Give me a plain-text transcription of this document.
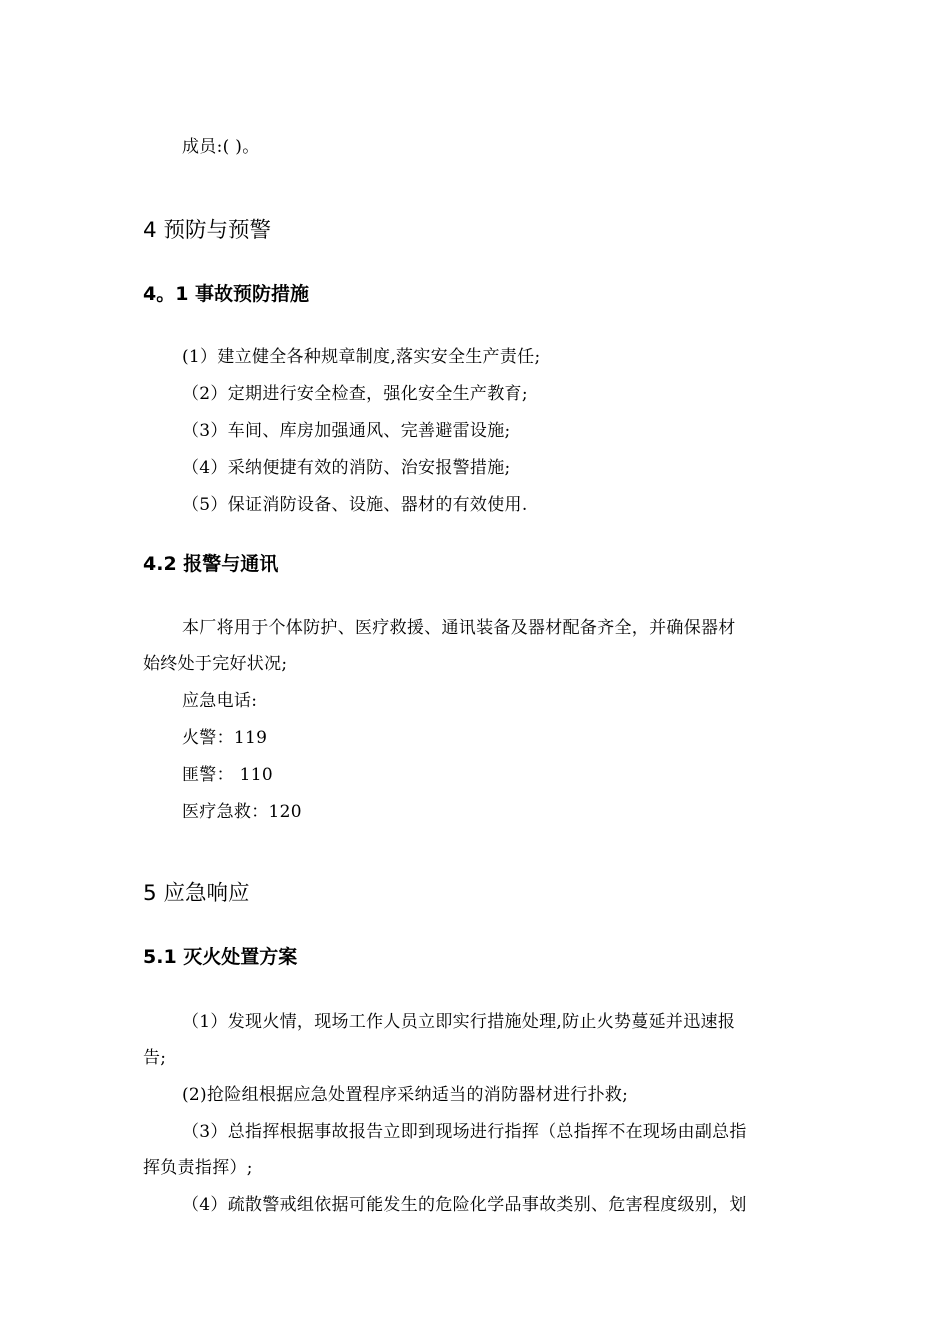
成员:( )。
4 预防与预警
4。1 事故预防措施
(1）建立健全各种规章制度,落实安全生产责任;
（2）定期进行安全检查，强化安全生产教育;
（3）车间、库房加强通风、完善避雷设施;
（4）采纳便捷有效的消防、治安报警措施;
（5）保证消防设备、设施、器材的有效使用.
4.2 报警与通讯
本厂将用于个体防护、医疗救援、通讯装备及器材配备齐全，并确保器材
始终处于完好状况;
应急电话:
火警：119
匪警： 110
医疗急救：120
5 应急响应
5.1 灭火处置方案
（1）发现火情，现场工作人员立即实行措施处理,防止火势蔓延并迅速报
告;
(2)抢险组根据应急处置程序采纳适当的消防器材进行扑救;
（3）总指挥根据事故报告立即到现场进行指挥（总指挥不在现场由副总指
挥负责指挥）;
（4）疏散警戒组依据可能发生的危险化学品事故类别、危害程度级别，划
